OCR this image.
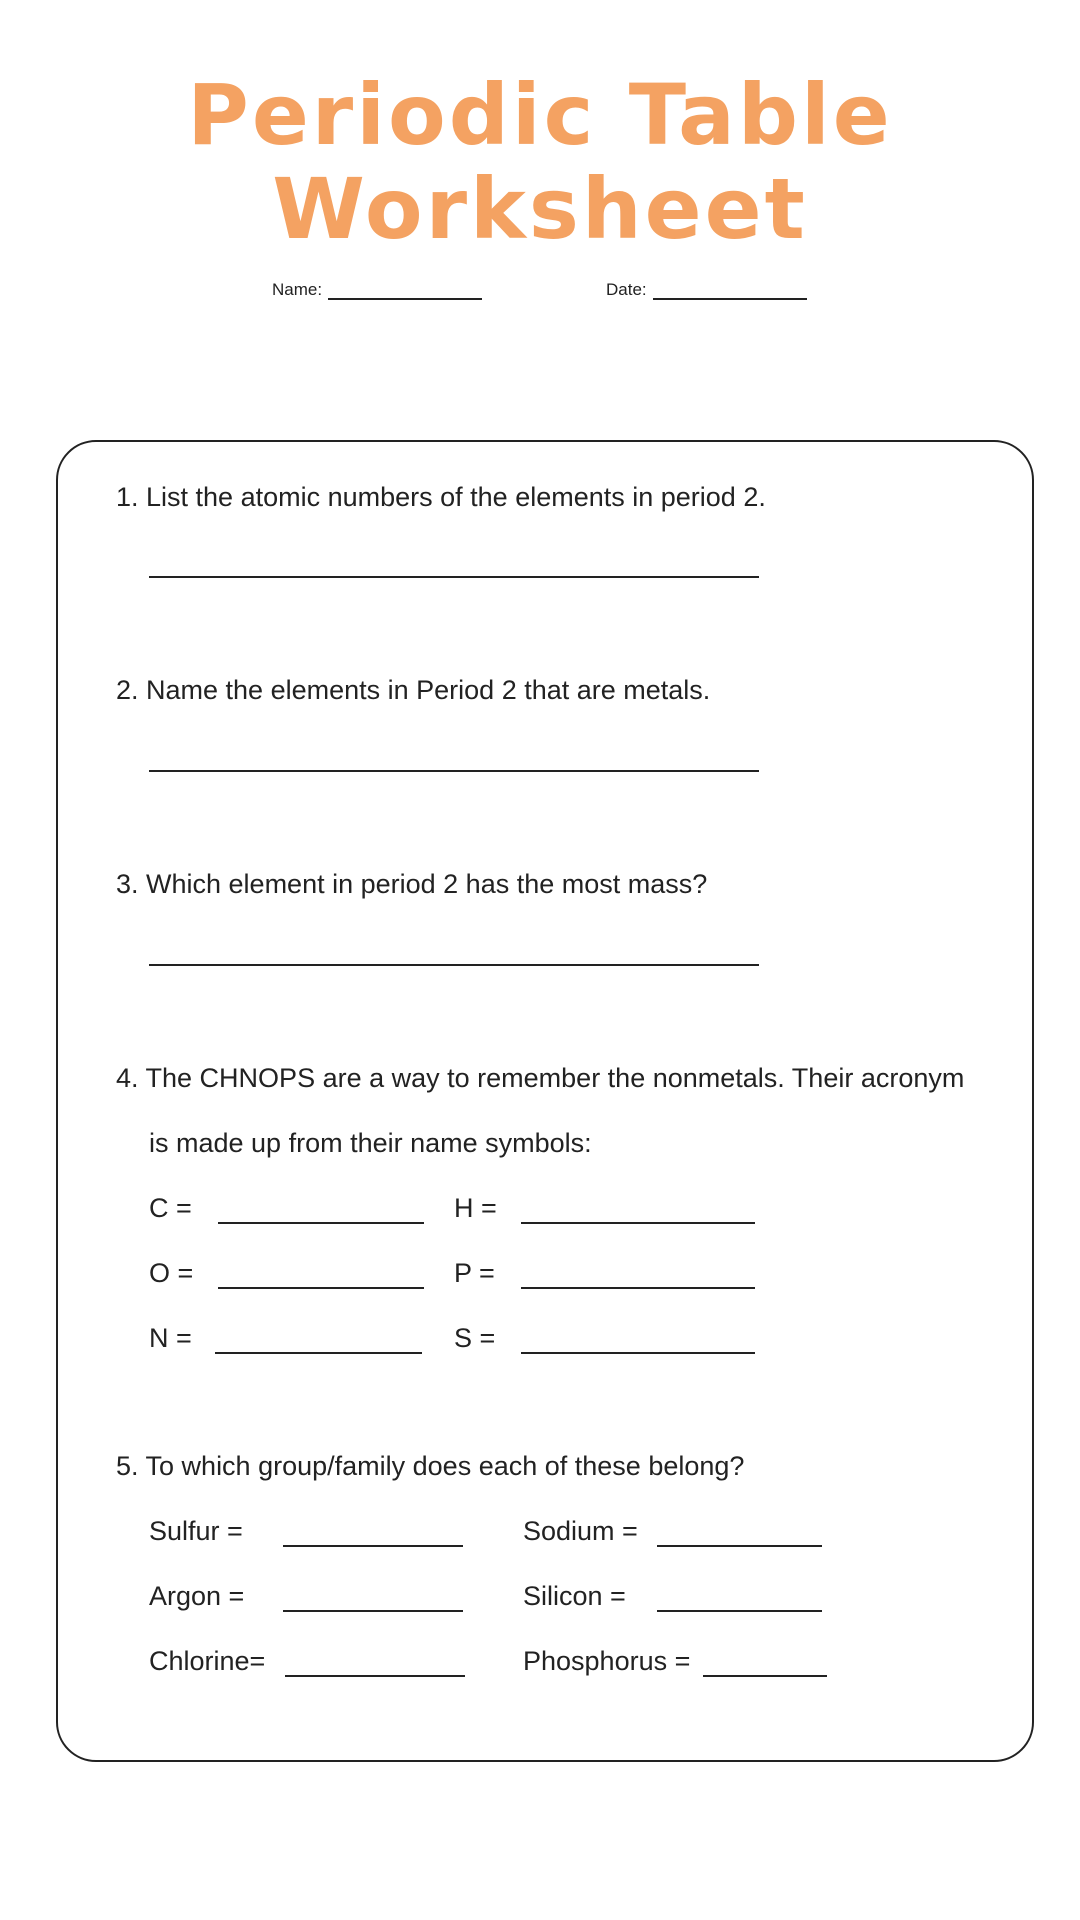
Periodic Table
Worksheet
Name:	Date:
1. List the atomic numbers of the elements in period 2.
2. Name the elements in Period 2 that are metals.
3. Which element in period 2 has the most mass?
4. The CHNOPS are a way to remember the nonmetals. Their acronym
is made up from their name symbols:
C =	H =
O =	P =
N =	S =
5. To which group/family does each of these belong?
Sulfur =	Sodium =
Argon =	Silicon =
Chlorine=	Phosphorus =
